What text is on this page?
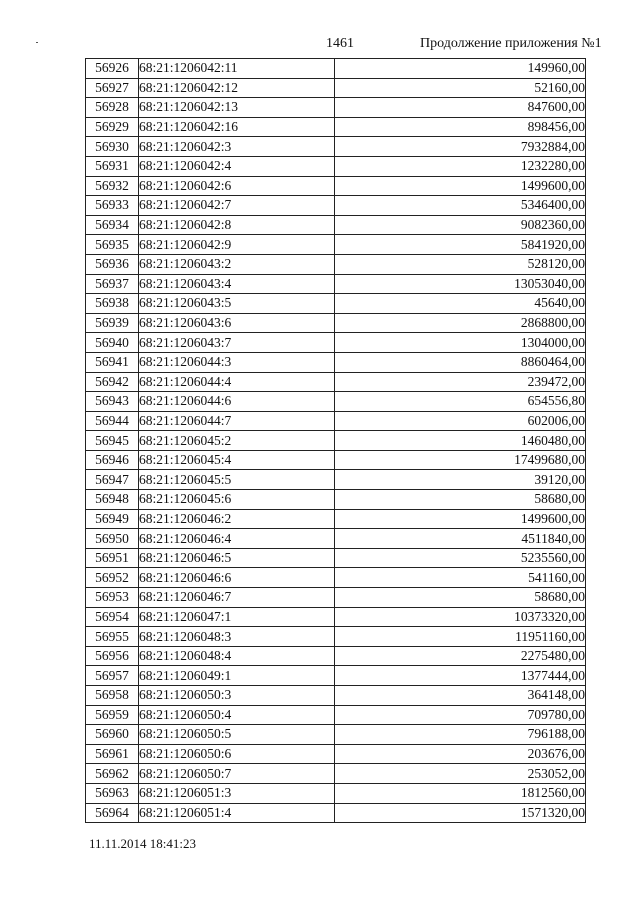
1461	Продолжение приложения №1
56926	68:21:1206042:11	149960,00
56927	68:21:1206042:12	52160,00
56928	68:21:1206042:13	847600,00
56929	68:21:1206042:16	898456,00
56930	68:21:1206042:3	7932884,00
56931	68:21:1206042:4	1232280,00
56932	68:21:1206042:6	1499600,00
56933	68:21:1206042:7	5346400,00
56934	68:21:1206042:8	9082360,00
56935	68:21:1206042:9	5841920,00
56936	68:21:1206043:2	528120,00
56937	68:21:1206043:4	13053040,00
56938	68:21:1206043:5	45640,00
56939	68:21:1206043:6	2868800,00
56940	68:21:1206043:7	1304000,00
56941	68:21:1206044:3	8860464,00
56942	68:21:1206044:4	239472,00
56943	68:21:1206044:6	654556,80
56944	68:21:1206044:7	602006,00
56945	68:21:1206045:2	1460480,00
56946	68:21:1206045:4	17499680,00
56947	68:21:1206045:5	39120,00
56948	68:21:1206045:6	58680,00
56949	68:21:1206046:2	1499600,00
56950	68:21:1206046:4	4511840,00
56951	68:21:1206046:5	5235560,00
56952	68:21:1206046:6	541160,00
56953	68:21:1206046:7	58680,00
56954	68:21:1206047:1	10373320,00
56955	68:21:1206048:3	11951160,00
56956	68:21:1206048:4	2275480,00
56957	68:21:1206049:1	1377444,00
56958	68:21:1206050:3	364148,00
56959	68:21:1206050:4	709780,00
56960	68:21:1206050:5	796188,00
56961	68:21:1206050:6	203676,00
56962	68:21:1206050:7	253052,00
56963	68:21:1206051:3	1812560,00
56964	68:21:1206051:4	1571320,00
11.11.2014 18:41:23
